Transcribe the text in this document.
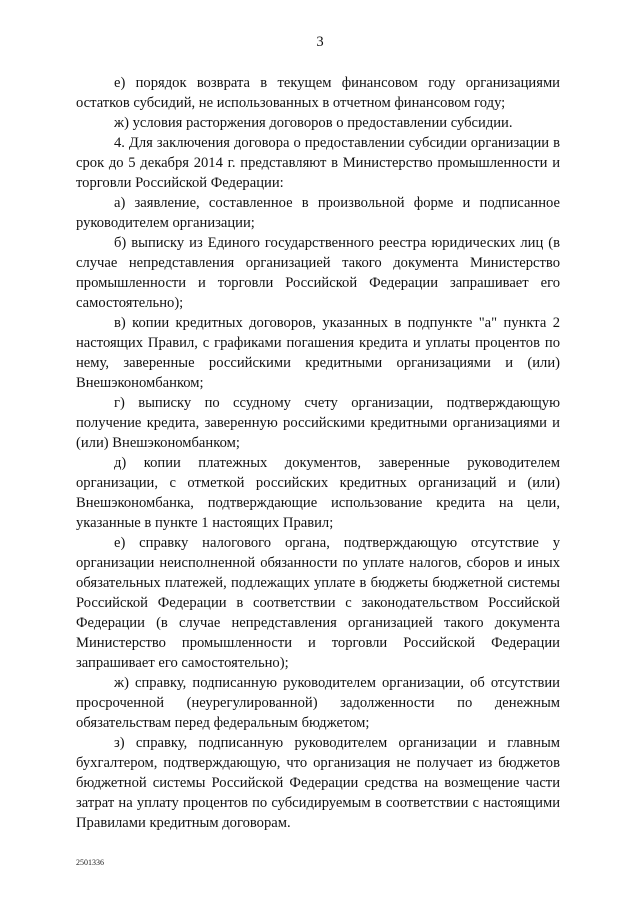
3

е) порядок возврата в текущем финансовом году организациями остатков субсидий, не использованных в отчетном финансовом году;

ж) условия расторжения договоров о предоставлении субсидии.

4. Для заключения договора о предоставлении субсидии организации в срок до 5 декабря 2014 г. представляют в Министерство промышленности и торговли Российской Федерации:

а) заявление, составленное в произвольной форме и подписанное руководителем организации;

б) выписку из Единого государственного реестра юридических лиц (в случае непредставления организацией такого документа Министерство промышленности и торговли Российской Федерации запрашивает его самостоятельно);

в) копии кредитных договоров, указанных в подпункте "а" пункта 2 настоящих Правил, с графиками погашения кредита и уплаты процентов по нему, заверенные российскими кредитными организациями и (или) Внешэкономбанком;

г) выписку по ссудному счету организации, подтверждающую получение кредита, заверенную российскими кредитными организациями и (или) Внешэкономбанком;

д) копии платежных документов, заверенные руководителем организации, с отметкой российских кредитных организаций и (или) Внешэкономбанка, подтверждающие использование кредита на цели, указанные в пункте 1 настоящих Правил;

е) справку налогового органа, подтверждающую отсутствие у организации неисполненной обязанности по уплате налогов, сборов и иных обязательных платежей, подлежащих уплате в бюджеты бюджетной системы Российской Федерации в соответствии с законодательством Российской Федерации (в случае непредставления организацией такого документа Министерство промышленности и торговли Российской Федерации запрашивает его самостоятельно);

ж) справку, подписанную руководителем организации, об отсутствии просроченной (неурегулированной) задолженности по денежным обязательствам перед федеральным бюджетом;

з) справку, подписанную руководителем организации и главным бухгалтером, подтверждающую, что организация не получает из бюджетов бюджетной системы Российской Федерации средства на возмещение части затрат на уплату процентов по субсидируемым в соответствии с настоящими Правилами кредитным договорам.

2501336
